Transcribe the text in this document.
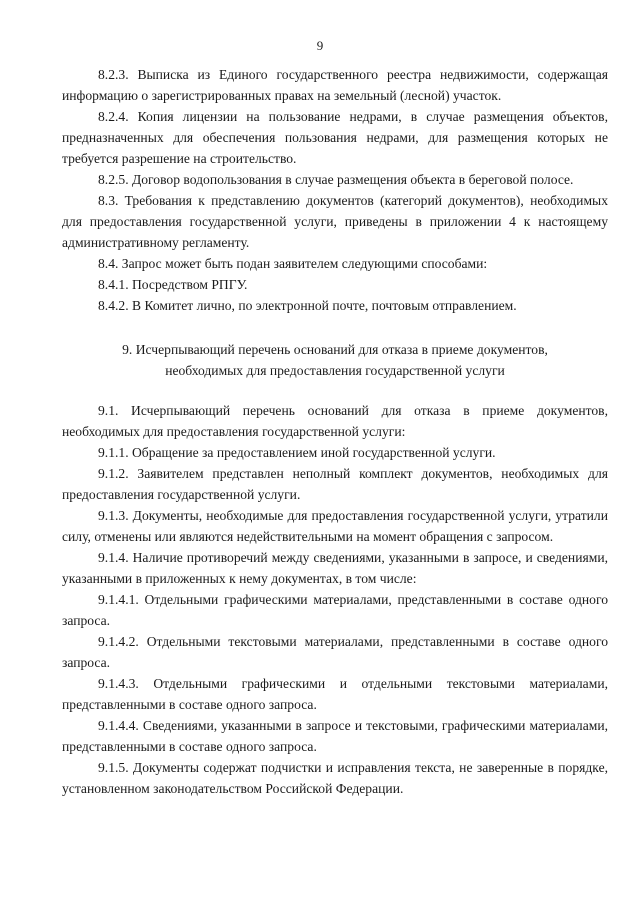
9

8.2.3. Выписка из Единого государственного реестра недвижимости, содержащая информацию о зарегистрированных правах на земельный (лесной) участок.

8.2.4. Копия лицензии на пользование недрами, в случае размещения объектов, предназначенных для обеспечения пользования недрами, для размещения которых не требуется разрешение на строительство.

8.2.5. Договор водопользования в случае размещения объекта в береговой полосе.

8.3. Требования к представлению документов (категорий документов), необходимых для предоставления государственной услуги, приведены в приложении 4 к настоящему административному регламенту.

8.4. Запрос может быть подан заявителем следующими способами:

8.4.1. Посредством РПГУ.

8.4.2. В Комитет лично, по электронной почте, почтовым отправлением.

9. Исчерпывающий перечень оснований для отказа в приеме документов,
необходимых для предоставления государственной услуги

9.1. Исчерпывающий перечень оснований для отказа в приеме документов, необходимых для предоставления государственной услуги:

9.1.1. Обращение за предоставлением иной государственной услуги.

9.1.2. Заявителем представлен неполный комплект документов, необходимых для предоставления государственной услуги.

9.1.3. Документы, необходимые для предоставления государственной услуги, утратили силу, отменены или являются недействительными на момент обращения с запросом.

9.1.4. Наличие противоречий между сведениями, указанными в запросе, и сведениями, указанными в приложенных к нему документах, в том числе:

9.1.4.1. Отдельными графическими материалами, представленными в составе одного запроса.

9.1.4.2. Отдельными текстовыми материалами, представленными в составе одного запроса.

9.1.4.3. Отдельными графическими и отдельными текстовыми материалами, представленными в составе одного запроса.

9.1.4.4. Сведениями, указанными в запросе и текстовыми, графическими материалами, представленными в составе одного запроса.

9.1.5. Документы содержат подчистки и исправления текста, не заверенные в порядке, установленном законодательством Российской Федерации.
